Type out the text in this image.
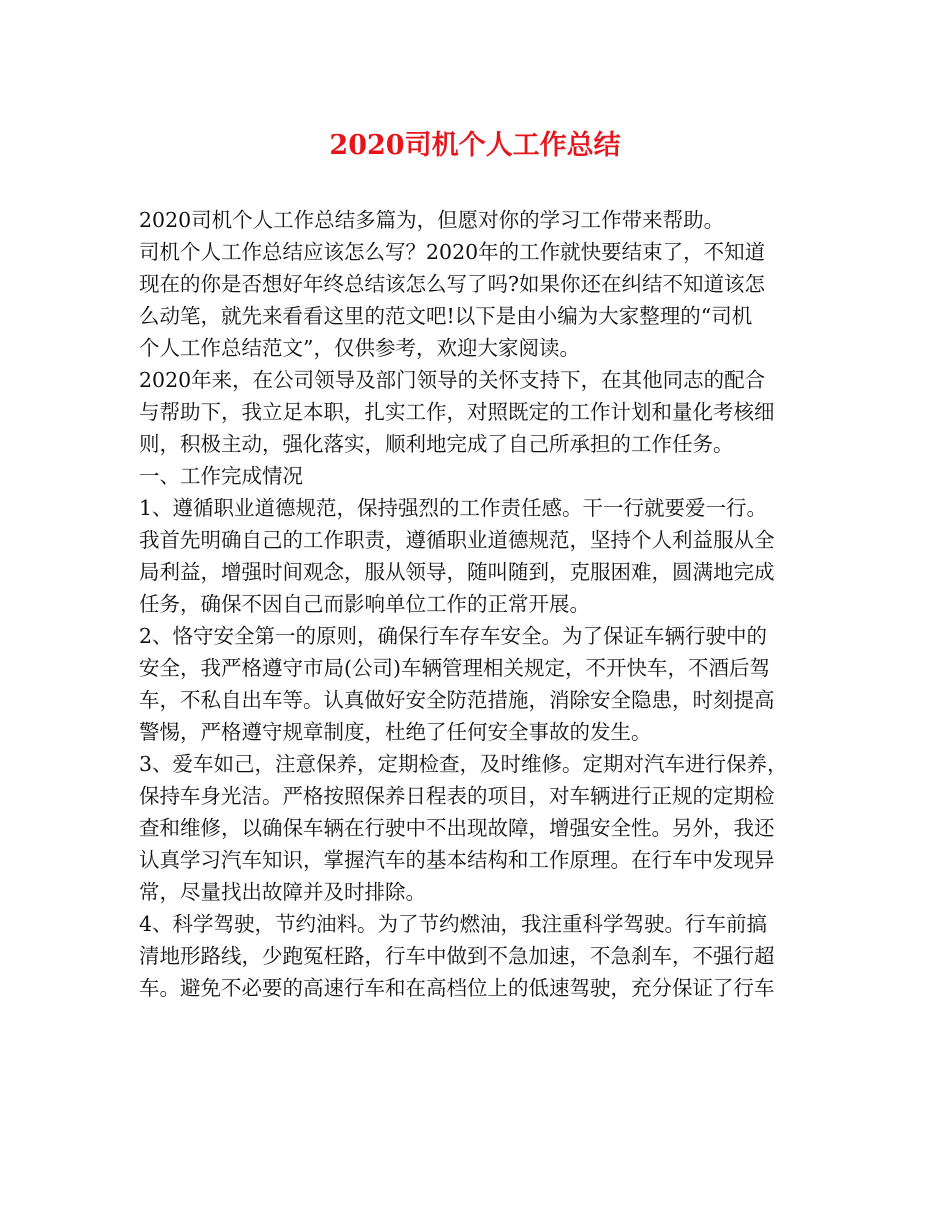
2020司机个人工作总结
2020司机个人工作总结多篇为，但愿对你的学习工作带来帮助。
司机个人工作总结应该怎么写？2020年的工作就快要结束了，不知道
现在的你是否想好年终总结该怎么写了吗?如果你还在纠结不知道该怎
么动笔，就先来看看这里的范文吧!以下是由小编为大家整理的“司机
个人工作总结范文”，仅供参考，欢迎大家阅读。
2020年来，在公司领导及部门领导的关怀支持下，在其他同志的配合
与帮助下，我立足本职，扎实工作，对照既定的工作计划和量化考核细
则，积极主动，强化落实，顺利地完成了自己所承担的工作任务。
一、工作完成情况
1、遵循职业道德规范，保持强烈的工作责任感。干一行就要爱一行。
我首先明确自己的工作职责，遵循职业道德规范，坚持个人利益服从全
局利益，增强时间观念，服从领导，随叫随到，克服困难，圆满地完成
任务，确保不因自己而影响单位工作的正常开展。
2、恪守安全第一的原则，确保行车存车安全。为了保证车辆行驶中的
安全，我严格遵守市局(公司)车辆管理相关规定，不开快车，不酒后驾
车，不私自出车等。认真做好安全防范措施，消除安全隐患，时刻提高
警惕，严格遵守规章制度，杜绝了任何安全事故的发生。
3、爱车如己，注意保养，定期检查，及时维修。定期对汽车进行保养，
保持车身光洁。严格按照保养日程表的项目，对车辆进行正规的定期检
查和维修，以确保车辆在行驶中不出现故障，增强安全性。另外，我还
认真学习汽车知识，掌握汽车的基本结构和工作原理。在行车中发现异
常，尽量找出故障并及时排除。
4、科学驾驶，节约油料。为了节约燃油，我注重科学驾驶。行车前搞
清地形路线，少跑冤枉路，行车中做到不急加速，不急刹车，不强行超
车。避免不必要的高速行车和在高档位上的低速驾驶，充分保证了行车
